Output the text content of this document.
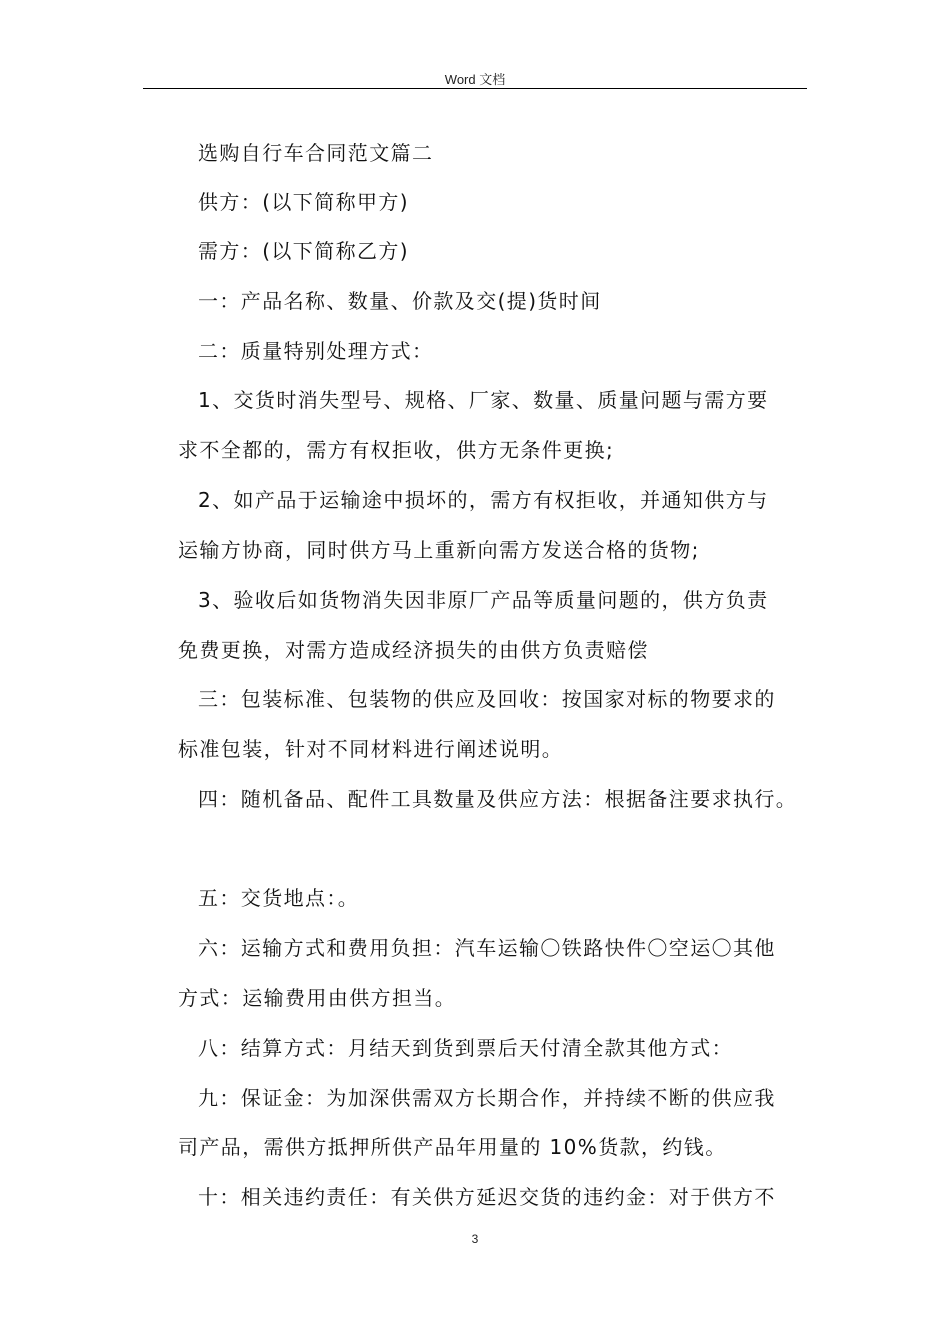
Word 文档
选购自行车合同范文篇二
供方：(以下简称甲方)
需方：(以下简称乙方)
一：产品名称、数量、价款及交(提)货时间
二：质量特别处理方式：
1、交货时消失型号、规格、厂家、数量、质量问题与需方要
求不全都的，需方有权拒收，供方无条件更换;
2、如产品于运输途中损坏的，需方有权拒收，并通知供方与
运输方协商，同时供方马上重新向需方发送合格的货物;
3、验收后如货物消失因非原厂产品等质量问题的，供方负责
免费更换，对需方造成经济损失的由供方负责赔偿
三：包装标准、包装物的供应及回收：按国家对标的物要求的
标准包装，针对不同材料进行阐述说明。
四：随机备品、配件工具数量及供应方法：根据备注要求执行。
五：交货地点：。
六：运输方式和费用负担：汽车运输〇铁路快件〇空运〇其他
方式：运输费用由供方担当。
八：结算方式：月结天到货到票后天付清全款其他方式：
九：保证金：为加深供需双方长期合作，并持续不断的供应我
司产品，需供方抵押所供产品年用量的 10%货款，约钱。
十：相关违约责任：有关供方延迟交货的违约金：对于供方不
3
